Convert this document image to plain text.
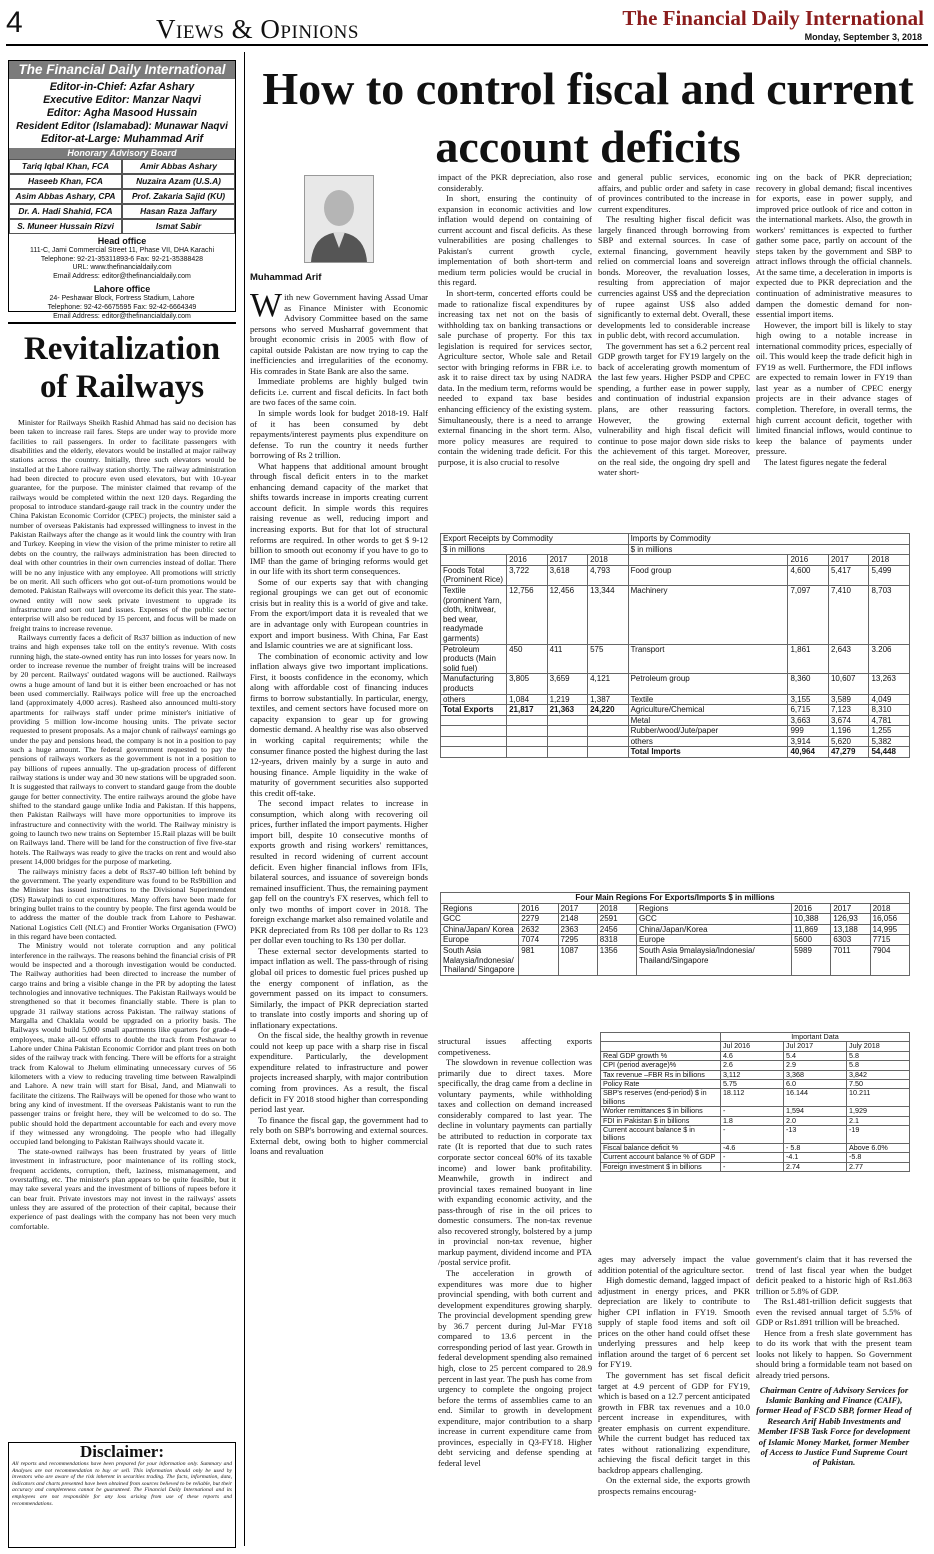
4	Views & Opinions	The Financial Daily International
Monday, September 3, 2018
The Financial Daily International
Editor-in-Chief: Azfar Ashary
Executive Editor: Manzar Naqvi
Editor: Agha Masood Hussain
Resident Editor (Islamabad): Munawar Naqvi
Editor-at-Large: Muhammad Arif
Honorary Advisory Board
Tariq Iqbal Khan, FCA	Amir Abbas Ashary
Haseeb Khan, FCA	Nuzaira Azam (U.S.A)
Asim Abbas Ashary, CPA	Prof. Zakaria Sajid (KU)
Dr. A. Hadi Shahid, FCA	Hasan Raza Jaffary
S. Muneer Hussain Rizvi	Ismat Sabir
Head office
111-C, Jami Commercial Street 11, Phase VII, DHA Karachi
Telephone: 92-21-35311893-6 Fax: 92-21-35388428
URL: www.thefinancialdaily.com
Email Address: editor@thefinancialdaily.com
Lahore office
24- Peshawar Block, Fortress Stadium, Lahore
Telephone: 92-42-6675595 Fax: 92-42-6664349
Email Address: editor@thefinancialdaily.com
How to control fiscal and current account deficits
Revitalization of Railways

Minister for Railways Sheikh Rashid Ahmad has said no decision has been taken to increase rail fares. Steps are under way to provide more facilities to rail passengers. In order to facilitate passengers with disabilities and the elderly, elevators would be installed at major railway stations across the country. Initially, three such elevators would be installed at the Lahore railway station shortly. The railway administration had been directed to procure even used elevators, but with 10-year guarantee, for the purpose. The minister claimed that revamp of the railways would be completed within the next 120 days. Regarding the proposal to introduce standard-gauge rail track in the country under the China Pakistan Economic Corridor (CPEC) projects, the minister said a number of overseas Pakistanis had expressed willingness to invest in the Pakistan Railways after the change as it would link the country with Iran and Turkey. Keeping in view the vision of the prime minister to retire all debts on the country, the railways administration has been directed to deal with other countries in their own currencies instead of dollar. There will be no any injustice with any employee. All promotions will strictly be on merit. All such officers who got out-of-turn promotions would be demoted. Pakistan Railways will overcome its deficit this year. The state-owned entity will now seek private investment to upgrade its infrastructure and sort out land issues. Expenses of the public sector enterprise will also be reduced by 15 percent, and focus will be made on freight trains to increase revenue.

Railways currently faces a deficit of Rs37 billion as induction of new trains and high expenses take toll on the entity's revenue. With costs running high, the state-owned entity has run into losses for years now. In order to increase revenue the number of freight trains will be increased by 20 percent. Railways' outdated wagons will be auctioned. Railways owns a huge amount of land but it is either been encroached or has not been used commercially. Railways police will free up the encroached land (approximately 4,000 acres). Rasheed also announced multi-story apartments for railways staff under prime minister's initiative of providing 5 million low-income housing units. The private sector requested to present proposals. As a major chunk of railways' earnings go under the pay and pensions head, the company is not in a position to pay such a huge amount. The federal government requested to pay the pensions of railways workers as the government is not in a position to pay billions of rupees annually. The up-gradation process of different railway stations is under way and 30 new stations will be upgraded soon. It is suggested that railways to convert to standard gauge from the double gauge for better connectivity. The entire railways around the globe have shifted to the standard gauge unlike India and Pakistan. If this happens, then Pakistan Railways will have more opportunities to improve its infrastructure and connectivity with the world. The Railway ministry is going to launch two new trains on September 15.Rail plazas will be built on Railways land. There will be land for the construction of five five-star hotels. The Railways was ready to give the tracks on rent and would also present 14,000 bridges for the purpose of marketing.

The railways ministry faces a debt of Rs37-40 billion left behind by the government. The yearly expenditure was found to be Rs9billion and the Minister has issued instructions to the Divisional Superintendent (DS) Rawalpindi to cut expenditures. Many offers have been made for bringing bullet trains to the country by people. The first agenda would be to address the matter of the double track from Lahore to Peshawar. National Logistics Cell (NLC) and Frontier Works Organisation (FWO) in this regard have been contacted.

The Ministry would not tolerate corruption and any political interference in the railways. The reasons behind the financial crisis of PR would be inspected and a thorough investigation would be conducted. The Railway authorities had been directed to increase the number of cargo trains and bring a visible change in the PR by adopting the latest technologies and innovative techniques. The Pakistan Railways would be strengthened so that it becomes financially stable. There is plan to upgrade 31 railway stations across Pakistan. The railway stations of Margalla and Chaklala would be upgraded on a priority basis. The Railways would build 5,000 small apartments like quarters for grade-4 employees, make all-out efforts to double the track from Peshawar to Lahore under China Pakistan Economic Corridor and plant trees on both sides of the railway track with fencing. There will be efforts for a straight track from Kalowal to Jhelum eliminating unnecessary curves of 56 kilometers with a view to reducing traveling time between Rawalpindi and Lahore. A new train will start for Bisal, Jand, and Mianwali to facilitate the citizens. The Railways will be opened for those who want to bring any kind of investment. If the overseas Pakistanis want to run the passenger trains or freight here, they will be welcomed to do so. The public should hold the department accountable for each and every move if they witnessed any wrongdoing. The people who had illegally occupied land belonging to Pakistan Railways should vacate it.

The state-owned railways has been frustrated by years of little investment in infrastructure, poor maintenance of its rolling stock, frequent accidents, corruption, theft, laziness, mismanagement, and overstaffing, etc. The minister's plan appears to be quite feasible, but it may take several years and the investment of billions of rupees before it can bear fruit. Private investors may not invest in the railways' assets unless they are assured of the protection of their capital, because their experience of past dealings with the company has not been very much comfortable.

Disclaimer:
All reports and recommendations have been prepared for your information only. Summary and Analyses are not recommendation to buy or sell. This information should only be used by investors who are aware of the risk inherent in securities trading. The facts, information, data, indicators and charts presented have been obtained from sources believed to be reliable, but their accuracy and completeness cannot be guaranteed. The Financial Daily International and its employees are not responsible for any loss arising from use of these reports and recommendations.
Muhammad Arif

With new Government having Assad Umar as Finance Minister with Economic Advisory Committee based on the same persons who served Musharraf government that brought economic crisis in 2005 with flow of capital outside Pakistan are now trying to cap the inefficiencies and irregularities of the economy. His comrades in State Bank are also the same.

Immediate problems are highly bulged twin deficits i.e. current and fiscal deficits. In fact both are two faces of the same coin.

In simple words look for budget 2018-19. Half of it has been consumed by debt repayments/interest payments plus expenditure on defense. To run the country it needs further borrowing of Rs 2 trillion.

What happens that additional amount brought through fiscal deficit enters in to the market enhancing demand capacity of the market that shifts towards increase in imports creating current account deficit. In simple words this requires raising revenue as well, reducing import and increasing exports. But for that lot of structural reforms are required. In other words to get $ 9-12 billion to smooth out economy if you have to go to IMF than the game of bringing reforms would get in our life with its short term consequences.

Some of our experts say that with changing regional groupings we can get out of economic crisis but in reality this is a world of give and take. From the export/import data it is revealed that we are in advantage only with European countries in export and import business. With China, Far East and Islamic countries we are at significant loss.

The combination of economic activity and low inflation always give two important implications. First, it boosts confidence in the economy, which along with affordable cost of financing induces firms to borrow substantially. In particular, energy, textiles, and cement sectors have focused more on capacity expansion to gear up for growing domestic demand. A healthy rise was also observed in working capital requirements; while the consumer finance posted the highest during the last 12-years, driven mainly by a surge in auto and housing finance. Ample liquidity in the wake of maturity of government securities also supported this credit off-take.

The second impact relates to increase in consumption, which along with recovering oil prices, further inflated the import payments. Higher import bill, despite 10 consecutive months of exports growth and rising workers' remittances, resulted in record widening of current account deficit. Even higher financial inflows from IFIs, bilateral sources, and issuance of sovereign bonds remained insufficient. Thus, the remaining payment gap fell on the country's FX reserves, which fell to only two months of import cover in 2018. The foreign exchange market also remained volatile and PKR depreciated from Rs 108 per dollar to Rs 123 per dollar even touching to Rs 130 per dollar.

These external sector developments started to impact inflation as well. The pass-through of rising global oil prices to domestic fuel prices pushed up the energy component of inflation, as the government passed on its impact to consumers. Similarly, the impact of PKR depreciation started to translate into costly imports and shoring up of inflationary expectations.

On the fiscal side, the healthy growth in revenue could not keep up pace with a sharp rise in fiscal expenditure. Particularly, the development expenditure related to infrastructure and power projects increased sharply, with major contribution coming from provinces. As a result, the fiscal deficit in FY 2018 stood higher than corresponding period last year.

To finance the fiscal gap, the government had to rely both on SBP's borrowing and external sources. External debt, owing both to higher commercial loans and revaluation

impact of the PKR depreciation, also rose considerably.

In short, ensuring the continuity of expansion in economic activities and low inflation would depend on containing of current account and fiscal deficits. As these vulnerabilities are posing challenges to Pakistan's current growth cycle, implementation of both short-term and medium term policies would be crucial in this regard.

In short-term, concerted efforts could be made to rationalize fiscal expenditures by increasing tax net not on the basis of withholding tax on banking transactions or sale purchase of property. For this tax legislation is required for services sector, Agriculture sector, Whole sale and Retail sector with bringing reforms in FBR i.e. to ask it to raise direct tax by using NADRA data. In the medium term, reforms would be needed to expand tax base besides enhancing efficiency of the existing system. Simultaneously, there is a need to arrange external financing in the short term. Also, more policy measures are required to contain the widening trade deficit. For this purpose, it is also crucial to resolve

and general public services, economic affairs, and public order and safety in case of provinces contributed to the increase in current expenditures.

The resulting higher fiscal deficit was largely financed through borrowing from SBP and external sources. In case of external financing, government heavily relied on commercial loans and sovereign bonds. Moreover, the revaluation losses, resulting from appreciation of major currencies against US$ and the depreciation of rupee against US$ also added significantly to external debt. Overall, these developments led to considerable increase in public debt, with record accumulation.

The government has set a 6.2 percent real GDP growth target for FY19 largely on the back of accelerating growth momentum of the last few years. Higher PSDP and CPEC spending, a further ease in power supply, and continuation of industrial expansion plans, are other reassuring factors. However, the growing external vulnerability and high fiscal deficit will continue to pose major down side risks to the achievement of this target. Moreover, on the real side, the ongoing dry spell and water short-

ing on the back of PKR depreciation; recovery in global demand; fiscal incentives for exports, ease in power supply, and improved price outlook of rice and cotton in the international markets. Also, the growth in workers' remittances is expected to further gather some pace, partly on account of the steps taken by the government and SBP to attract inflows through the official channels. At the same time, a deceleration in imports is expected due to PKR depreciation and the continuation of administrative measures to dampen the domestic demand for non-essential import items.

However, the import bill is likely to stay high owing to a notable increase in international commodity prices, especially of oil. This would keep the trade deficit high in FY19 as well. Furthermore, the FDI inflows are expected to remain lower in FY19 than last year as a number of CPEC energy projects are in their advance stages of completion. Therefore, in overall terms, the high current account deficit, together with limited financial inflows, would continue to keep the balance of payments under pressure.

The latest figures negate the federal

Export Receipts by Commodity				Imports by Commodity			
$ in millions				$ in millions			
	2016	2017	2018		2016	2017	2018
Foods Total (Prominent Rice)	3,722	3,618	4,793	Food group	4,600	5,417	5,499
Textile (prominent Yarn, cloth, knitwear, bed wear, readymade garments)	12,756	12,456	13,344	Machinery	7,097	7,410	8,703
Petroleum products (Main solid fuel)	450	411	575	Transport	1,861	2,643	3.206
Manufacturing products	3,805	3,659	4,121	Petroleum group	8,360	10,607	13,263
others	1,084	1,219	1,387	Textile	3,155	3,589	4,049
Total Exports	21,817	21,363	24,220	Agriculture/Chemical	6,715	7,123	8,310
				Metal	3,663	3,674	4,781
				Rubber/wood/Jute/paper	999	1,196	1,255
				others	3,914	5,620	5,382
				Total Imports	40,964	47,279	54,448
Four Main Regions For Exports/Imports $ in millions							
Regions	2016	2017	2018	Regions	2016	2017	2018
GCC	2279	2148	2591	GCC	10,388	126,93	16,056
China/Japan/ Korea	2632	2363	2456	China/Japan/Korea	11,869	13,188	14,995
Europe	7074	7295	8318	Europe	5600	6303	7715
South Asia Malaysia/Indonesia/ Thailand/ Singapore	981	1087	1356	South Asia 9malaysia/Indonesia/ Thailand/Singapore	5989	7011	7904

structural issues affecting exports competiveness.

The slowdown in revenue collection was primarily due to direct taxes. More specifically, the drag came from a decline in voluntary payments, while withholding taxes and collection on demand increased considerably compared to last year. The decline in voluntary payments can partially be attributed to reduction in corporate tax rate (It is reported that due to such rates corporate sector conceal 60% of its taxable income) and lower bank profitability. Meanwhile, growth in indirect and provincial taxes remained buoyant in line with expanding economic activity, and the pass-through of rise in the oil prices to domestic consumers. The non-tax revenue also recovered strongly, bolstered by a jump in provincial non-tax revenue, higher markup payment, dividend income and PTA /postal service profit.

The acceleration in growth of expenditures was more due to higher provincial spending, with both current and development expenditures growing sharply. The provincial development spending grew by 36.7 percent during Jul-Mar FY18 compared to 13.6 percent in the corresponding period of last year. Growth in federal development spending also remained high, close to 25 percent compared to 28.9 percent in last year. The push has come from urgency to complete the ongoing project before the terms of assemblies came to an end. Similar to growth in development expenditure, major contribution to a sharp increase in current expenditure came from provinces, especially in Q3-FY18. Higher debt servicing and defense spending at federal level

	Important Data		
	Jul 2016	Jul 2017	July 2018
Real GDP growth %	4.6	5.4	5.8
CPI (period average)%	2.6	2.9	5.8
Tax revenue –FBR Rs in billions	3,112	3,368	3,842
Policy Rate	5.75	6.0	7.50
SBP's reserves (end-period) $ in billions	18.112	16.144	10.211
Worker remittances $ in billions	-	1,594	1,929
FDI in Pakistan $ in billions	1.8	2.0	2.1
Current account balance $ in billions	-	-13	-19
Fiscal balance deficit %	-4.6	- 5.8	Above 6.0%
Current account balance % of GDP	-	-4.1	-5.8
Foreign investment $ in billions	-	2.74	2.77

ages may adversely impact the value addition potential of the agriculture sector.

High domestic demand, lagged impact of adjustment in energy prices, and PKR depreciation are likely to contribute to higher CPI inflation in FY19. Smooth supply of staple food items and soft oil prices on the other hand could offset these underlying pressures and help keep inflation around the target of 6 percent set for FY19.

The government has set fiscal deficit target at 4.9 percent of GDP for FY19, which is based on a 12.7 percent anticipated growth in FBR tax revenues and a 10.0 percent increase in expenditures, with greater emphasis on current expenditure. While the current budget has reduced tax rates without rationalizing expenditure, achieving the fiscal deficit target in this backdrop appears challenging.

On the external side, the exports growth prospects remains encourag-

government's claim that it has reversed the trend of last fiscal year when the budget deficit peaked to a historic high of Rs1.863 trillion or 5.8% of GDP.

The Rs1.481-trillion deficit suggests that even the revised annual target of 5.5% of GDP or Rs1.891 trillion will be breached.

Hence from a fresh slate government has to do its work that with the present team looks not likely to happen. So Government should bring a formidable team not based on already tried persons.

Chairman Centre of Advisory Services for Islamic Banking and Finance (CAIF), former Head of FSCD SBP, former Head of Research Arif Habib Investments and Member IFSB Task Force for development of Islamic Money Market, former Member of Access to Justice Fund Supreme Court of Pakistan.
